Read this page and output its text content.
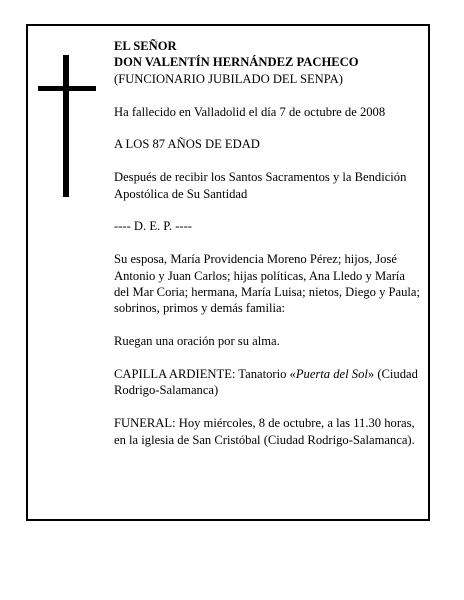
EL SEÑOR

DON VALENTÍN HERNÁNDEZ PACHECO

(FUNCIONARIO JUBILADO DEL SENPA)

Ha fallecido en Valladolid el día 7 de octubre de 2008

A LOS 87 AÑOS DE EDAD

Después de recibir los Santos Sacramentos y la Bendición Apostólica de Su Santidad

---- D. E. P. ----

Su esposa, María Providencia Moreno Pérez; hijos, José Antonio y Juan Carlos; hijas políticas, Ana Lledo y María del Mar Coria; hermana, María Luisa; nietos, Diego y Paula; sobrinos, primos y demás familia:

Ruegan una oración por su alma.

CAPILLA ARDIENTE: Tanatorio «Puerta del Sol» (Ciudad Rodrigo-Salamanca)

FUNERAL: Hoy miércoles, 8 de octubre, a las 11.30 horas, en la iglesia de San Cristóbal (Ciudad Rodrigo-Salamanca).
